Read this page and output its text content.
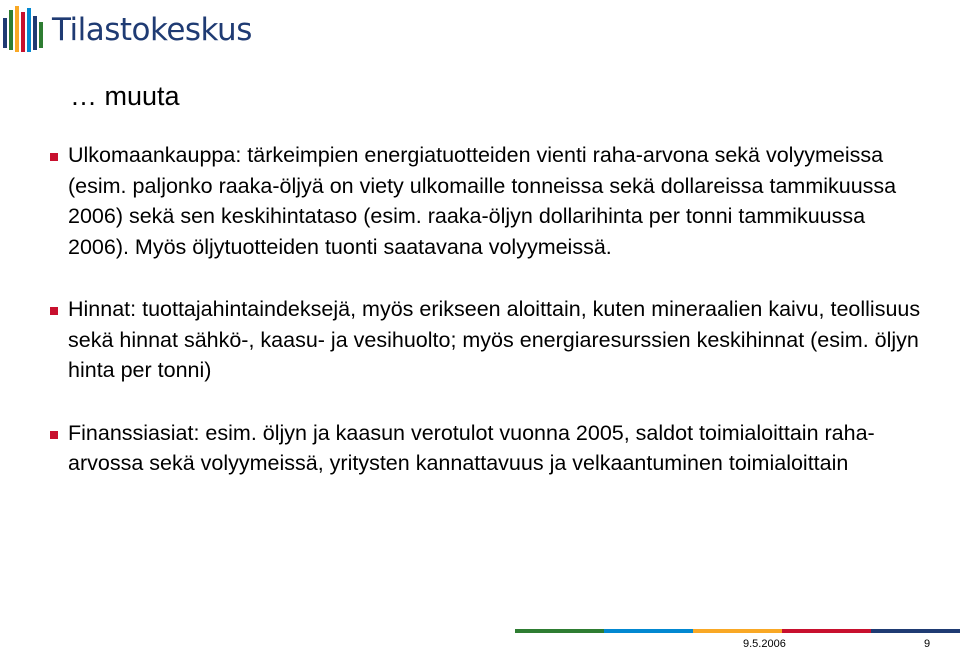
Tilastokeskus
… muuta
Ulkomaankauppa: tärkeimpien energiatuotteiden vienti raha-arvona sekä volyymeissa (esim. paljonko raaka-öljyä on viety ulkomaille tonneissa sekä dollareissa tammikuussa 2006) sekä sen keskihintataso (esim. raaka-öljyn dollarihinta per tonni tammikuussa 2006). Myös öljytuotteiden tuonti saatavana volyymeissä.
Hinnat: tuottajahintaindeksejä, myös erikseen aloittain, kuten mineraalien kaivu, teollisuus sekä hinnat sähkö-, kaasu- ja vesihuolto; myös energiaresurssien keskihinnat (esim. öljyn hinta per tonni)
Finanssiasiat: esim. öljyn ja kaasun verotulot vuonna 2005, saldot toimialoittain raha-arvossa sekä volyymeissä, yritysten kannattavuus ja velkaantuminen toimialoittain
9.5.2006	9
